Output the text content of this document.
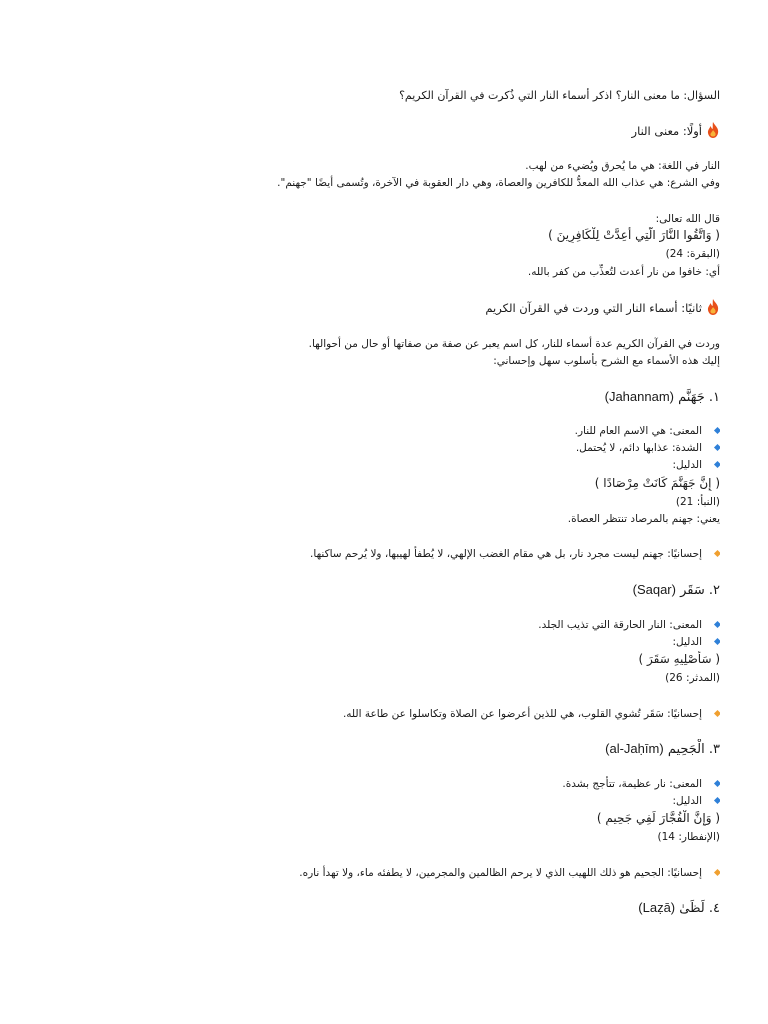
السؤال: ما معنى النار؟ اذكر أسماء النار التي ذُكرت في القرآن الكريم؟

أولًا: معنى النار

النار في اللغة: هي ما يُحرق ويُضيء من لهب.

وفي الشرع: هي عذاب الله المعدُّ للكافرين والعصاة، وهي دار العقوبة في الآخرة، وتُسمى أيضًا "جهنم".

قال الله تعالى:

( وَاتَّقُوا النَّارَ الَّتِي أُعِدَّتْ لِلْكَافِرِينَ )

(البقرة: 24)

أي: خافوا من نار أُعدت لتُعذِّب من كفر بالله.

ثانيًا: أسماء النار التي وردت في القرآن الكريم

وردت في القرآن الكريم عدة أسماء للنار، كل اسم يعبر عن صفة من صفاتها أو حال من أحوالها.

إليك هذه الأسماء مع الشرح بأسلوب سهل وإحساني:

١. جَهَنَّم (Jahannam)

المعنى: هي الاسم العام للنار.
الشدة: عذابها دائم، لا يُحتمل.
الدليل:

( إِنَّ جَهَنَّمَ كَانَتْ مِرْصَادًا )

(النبأ: 21)

يعني: جهنم بالمرصاد تنتظر العصاة.

إحسانيًا: جهنم ليست مجرد نار، بل هي مقام الغضب الإلهي، لا يُطفأ لهيبها، ولا يُرحم ساكنها.

٢. سَقَر (Saqar)

المعنى: النار الحارقة التي تذيب الجلد.
الدليل:

( سَأُصْلِيهِ سَقَرَ )

(المدثر: 26)

إحسانيًا: سَقَر تُشوي القلوب، هي للذين أعرضوا عن الصلاة وتكاسلوا عن طاعة الله.

٣. الْجَحِيم (al-Jaḥīm)

المعنى: نار عظيمة، تتأجج بشدة.
الدليل:

( وَإِنَّ الْفُجَّارَ لَفِي جَحِيمٍ )

(الإنفطار: 14)

إحسانيًا: الجحيم هو ذلك اللهيب الذي لا يرحم الظالمين والمجرمين، لا يطفئه ماء، ولا تهدأ ناره.

٤. لَظَىٰ (Laẓā)
